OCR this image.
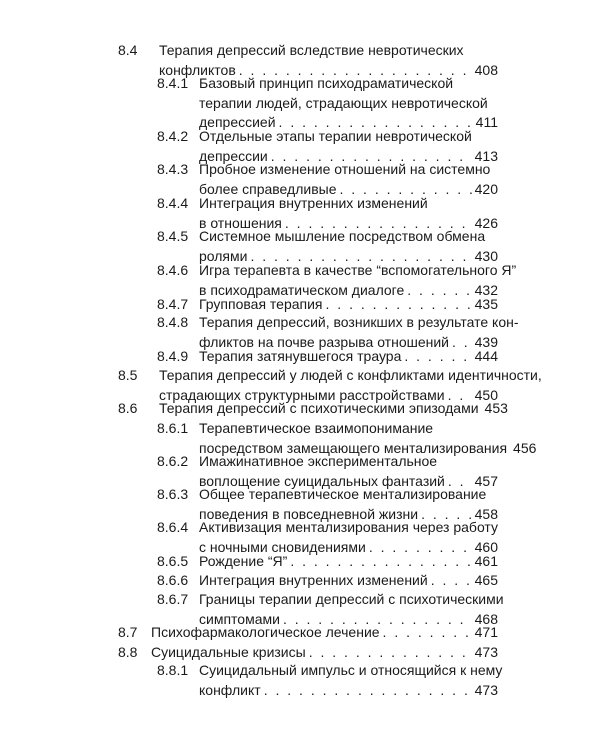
8.4 Терапия депрессий вследствие невротических
конфликтов . . .	408
8.4.1 Базовый принцип психодраматической
терапии людей, страдающих невротической
депрессией . . .	411
8.4.2 Отдельные этапы терапии невротической
депрессии . . .	413
8.4.3 Пробное изменение отношений на системно
более справедливые . . .	420
8.4.4 Интеграция внутренних изменений
в отношения . . .	426
8.4.5 Системное мышление посредством обмена
ролями . . .	430
8.4.6 Игра терапевта в качестве “вспомогательного Я”
в психодраматическом диалоге . . .	432
8.4.7 Групповая терапия . . .	435
8.4.8 Терапия депрессий, возникших в результате кон-
фликтов на почве разрыва отношений . . . 439
8.4.9 Терапия затянувшегося траура . . .	444
8.5 Терапия депрессий у людей с конфликтами идентичности,
страдающих структурными расстройствами . . . 450
8.6 Терапия депрессий с психотическими эпизодами 453
8.6.1 Терапевтическое взаимопонимание
посредством замещающего ментализирования 456
8.6.2 Имажинативное экспериментальное
воплощение суицидальных фантазий . . . 457
8.6.3 Общее терапевтическое ментализирование
поведения в повседневной жизни . . .	458
8.6.4 Активизация ментализирования через работу
с ночными сновидениями . . .	460
8.6.5 Рождение “Я” . . .	461
8.6.6 Интеграция внутренних изменений . . .	465
8.6.7 Границы терапии депрессий с психотическими
симптомами . . .	468
8.7 Психофармакологическое лечение . . .	471
8.8 Суицидальные кризисы . . .	473
8.8.1 Суицидальный импульс и относящийся к нему
конфликт . . .	473
